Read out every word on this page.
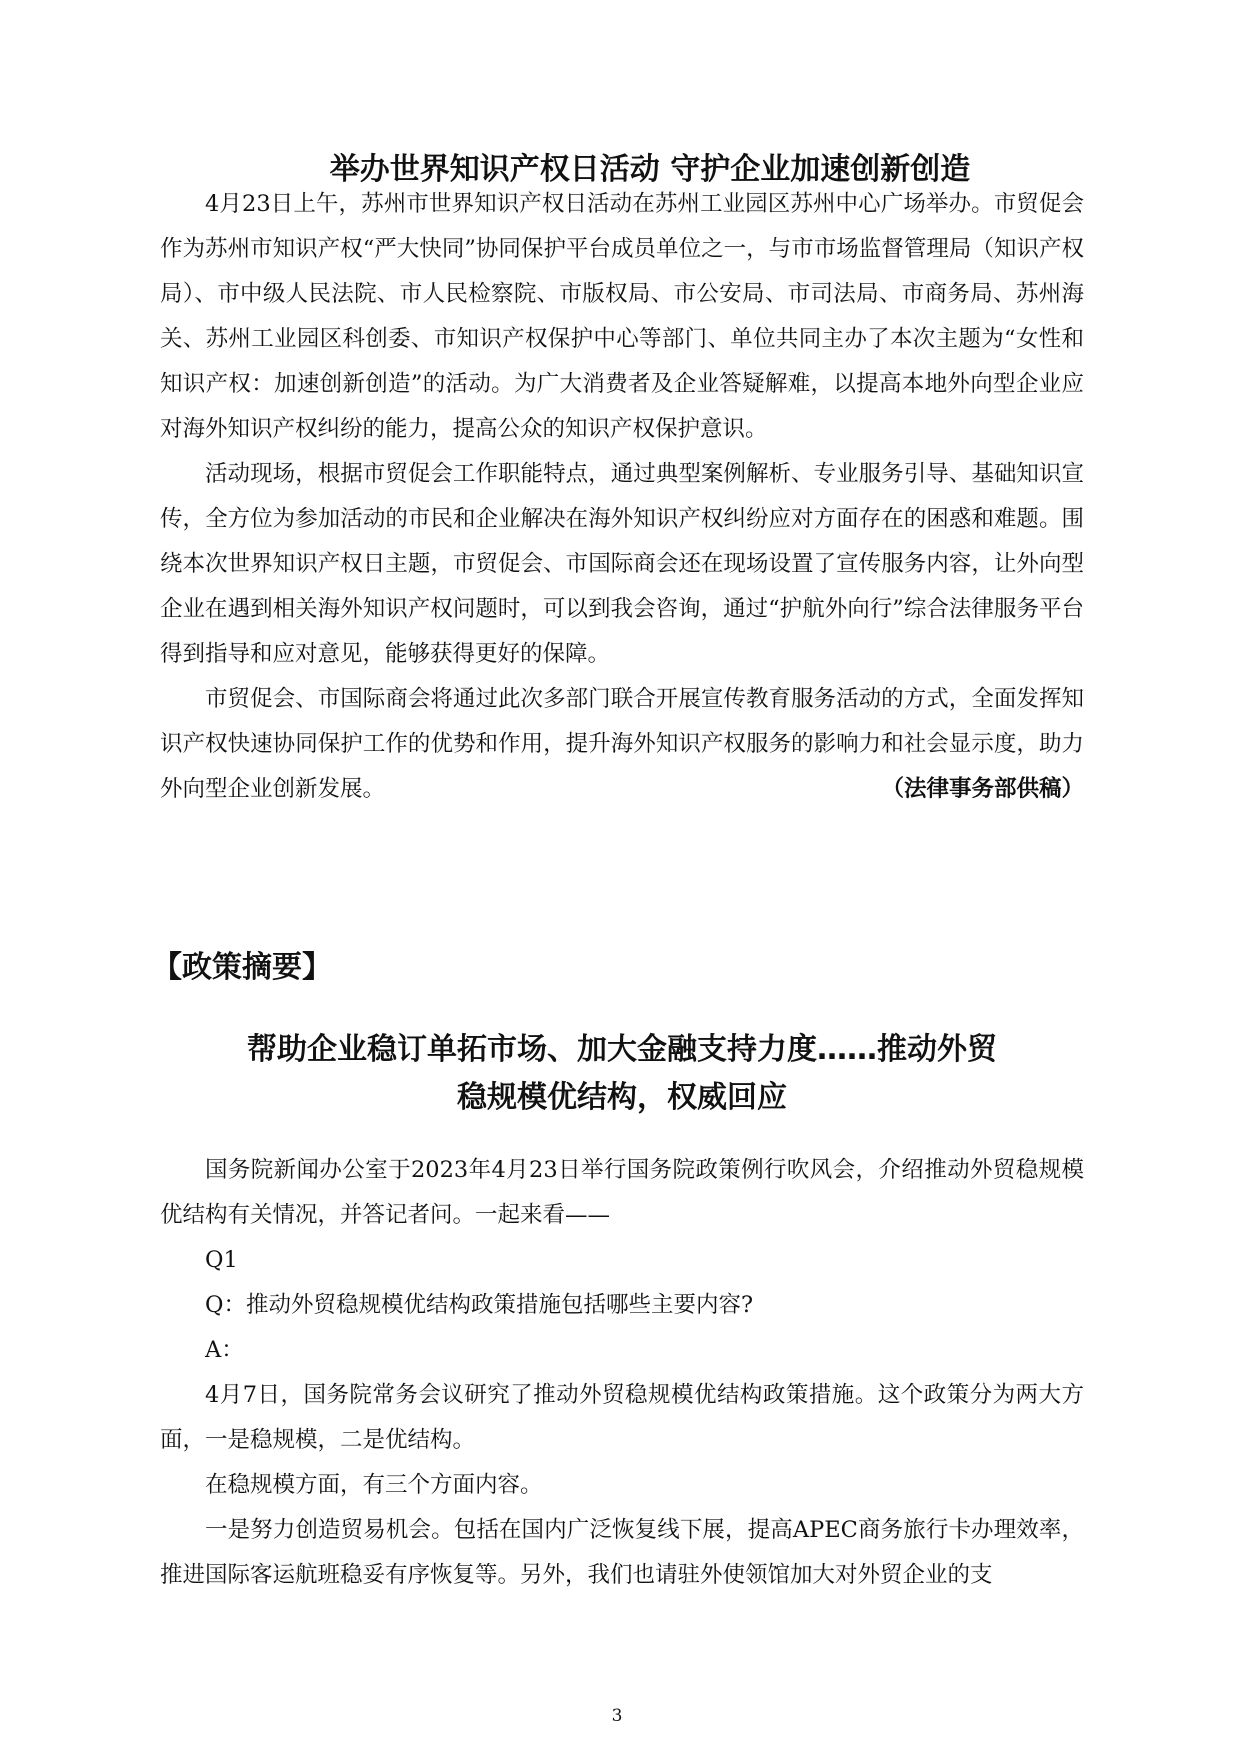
举办世界知识产权日活动 守护企业加速创新创造

4月23日上午，苏州市世界知识产权日活动在苏州工业园区苏州中心广场举办。市贸促会作为苏州市知识产权“严大快同”协同保护平台成员单位之一，与市市场监督管理局（知识产权局）、市中级人民法院、市人民检察院、市版权局、市公安局、市司法局、市商务局、苏州海关、苏州工业园区科创委、市知识产权保护中心等部门、单位共同主办了本次主题为“女性和知识产权：加速创新创造”的活动。为广大消费者及企业答疑解难，以提高本地外向型企业应对海外知识产权纠纷的能力，提高公众的知识产权保护意识。

活动现场，根据市贸促会工作职能特点，通过典型案例解析、专业服务引导、基础知识宣传，全方位为参加活动的市民和企业解决在海外知识产权纠纷应对方面存在的困惑和难题。围绕本次世界知识产权日主题，市贸促会、市国际商会还在现场设置了宣传服务内容，让外向型企业在遇到相关海外知识产权问题时，可以到我会咨询，通过“护航外向行”综合法律服务平台得到指导和应对意见，能够获得更好的保障。

市贸促会、市国际商会将通过此次多部门联合开展宣传教育服务活动的方式，全面发挥知识产权快速协同保护工作的优势和作用，提升海外知识产权服务的影响力和社会显示度，助力外向型企业创新发展。	（法律事务部供稿）
【政策摘要】
帮助企业稳订单拓市场、加大金融支持力度……推动外贸
稳规模优结构，权威回应

国务院新闻办公室于2023年4月23日举行国务院政策例行吹风会，介绍推动外贸稳规模优结构有关情况，并答记者问。一起来看——

Q1

Q：推动外贸稳规模优结构政策措施包括哪些主要内容?

A：

4月7日，国务院常务会议研究了推动外贸稳规模优结构政策措施。这个政策分为两大方面，一是稳规模，二是优结构。

在稳规模方面，有三个方面内容。

一是努力创造贸易机会。包括在国内广泛恢复线下展，提高APEC商务旅行卡办理效率，推进国际客运航班稳妥有序恢复等。另外，我们也请驻外使领馆加大对外贸企业的支

3
